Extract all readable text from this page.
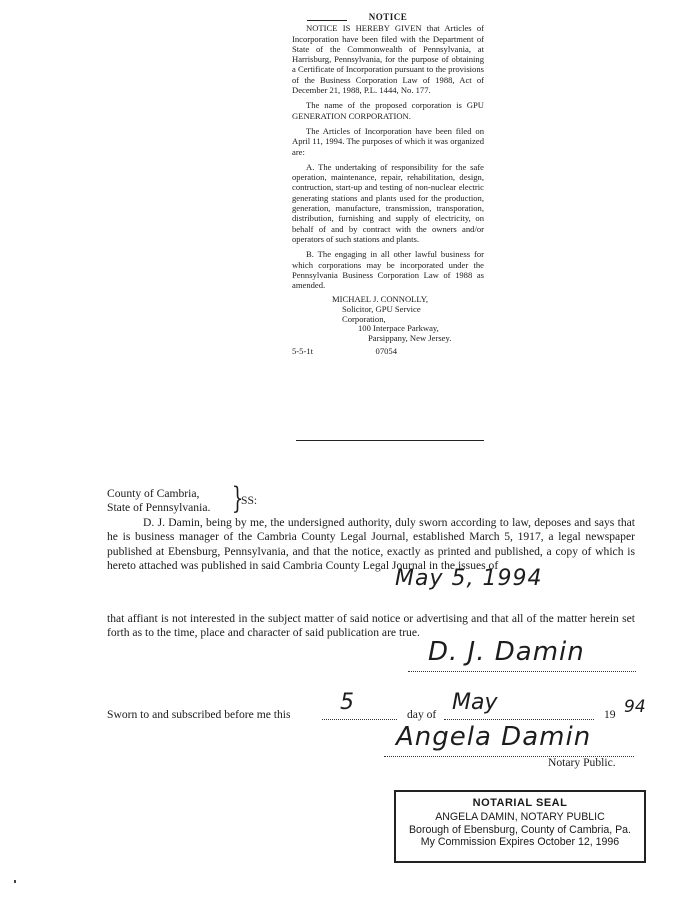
NOTICE

NOTICE IS HEREBY GIVEN that Articles of Incorporation have been filed with the Department of State of the Commonwealth of Pennsylvania, at Harrisburg, Pennsylvania, for the purpose of obtaining a Certificate of Incorporation pursuant to the provisions of the Business Corporation Law of 1988, Act of December 21, 1988, P.L. 1444, No. 177.

The name of the proposed corporation is GPU GENERATION CORPORATION.

The Articles of Incorporation have been filed on April 11, 1994. The purposes of which it was organized are:

A. The undertaking of responsibility for the safe operation, maintenance, repair, rehabilitation, design, contruction, start-up and testing of non-nuclear electric generating stations and plants used for the production, generation, manufacture, transmission, transporation, distribution, furnishing and supply of electricity, on behalf of and by contract with the owners and/or operators of such stations and plants.

B. The engaging in all other lawful business for which corporations may be incorporated under the Pennsylvania Business Corporation Law of 1988 as amended.

MICHAEL J. CONNOLLY,
Solicitor, GPU Service
Corporation,
100 Interpace Parkway,
Parsippany, New Jersey.
5-5-1t	07054
County of Cambria,
State of Pennsylvania. }
SS:
D. J. Damin, being by me, the undersigned authority, duly sworn according to law, deposes and says that he is business manager of the Cambria County Legal Journal, established March 5, 1917, a legal newspaper published at Ebensburg, Pennsylvania, and that the notice, exactly as printed and published, a copy of which is hereto attached was published in said Cambria County Legal Journal in the issues of
May 5, 1994
that affiant is not interested in the subject matter of said notice or advertising and that all of the matter herein set forth as to the time, place and character of said publication are true.
D. J. Damin
Sworn to and subscribed before me this 5	day of May	19 94
Angela Damin
Notary Public.
NOTARIAL SEAL
ANGELA DAMIN, NOTARY PUBLIC
Borough of Ebensburg, County of Cambria, Pa.
My Commission Expires October 12, 1996
